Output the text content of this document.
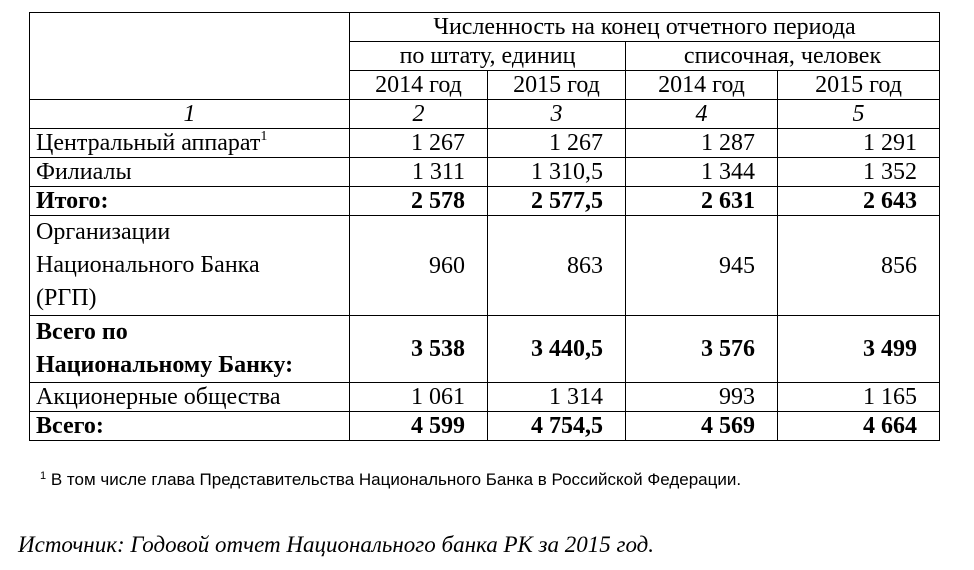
	Численность на конец отчетного периода			
	по штату, единиц		списочная, человек	
	2014 год	2015 год	2014 год	2015 год
1	2	3	4	5
Центральный аппарат$^1$	1 267	1 267	1 287	1 291
Филиалы	1 311	1 310,5	1 344	1 352
Итого:	2 578	2 577,5	2 631	2 643
Организации
Национального Банка
(РГП)	960	863	945	856
Всего по
Национальному Банку:	3 538	3 440,5	3 576	3 499
Акционерные общества	1 061	1 314	993	1 165
Всего:	4 599	4 754,5	4 569	4 664
$^1$ В том числе глава Представительства Национального Банка в Российской Федерации.
Источник: Годовой отчет Национального банка РК за 2015 год.
